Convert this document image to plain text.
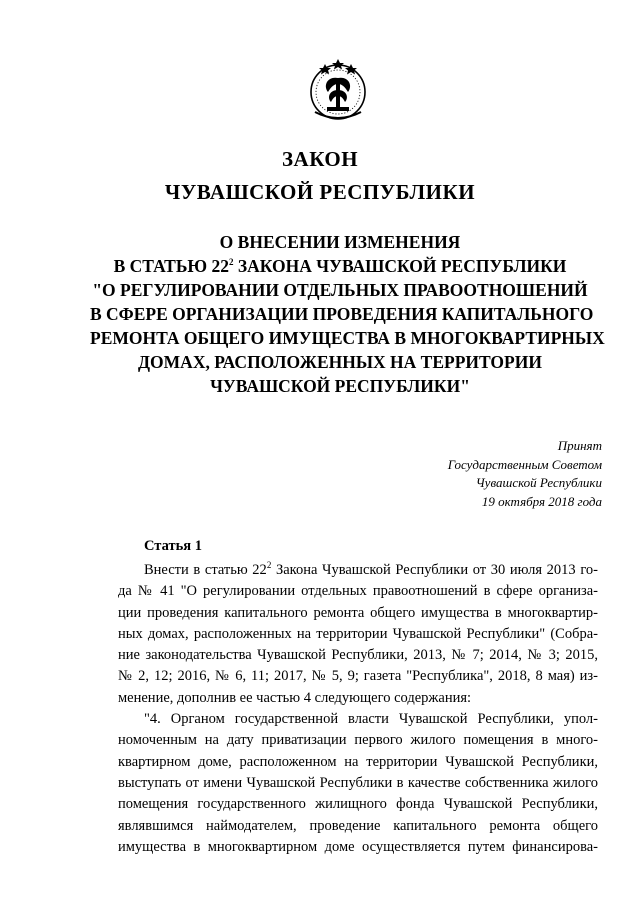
ЗАКОН
ЧУВАШСКОЙ РЕСПУБЛИКИ
О ВНЕСЕНИИ ИЗМЕНЕНИЯ
В СТАТЬЮ $22^2$ ЗАКОНА ЧУВАШСКОЙ РЕСПУБЛИКИ
"О РЕГУЛИРОВАНИИ ОТДЕЛЬНЫХ ПРАВООТНОШЕНИЙ
В СФЕРЕ ОРГАНИЗАЦИИ ПРОВЕДЕНИЯ КАПИТАЛЬНОГО
РЕМОНТА ОБЩЕГО ИМУЩЕСТВА В МНОГОКВАРТИРНЫХ
ДОМАХ, РАСПОЛОЖЕННЫХ НА ТЕРРИТОРИИ
ЧУВАШСКОЙ РЕСПУБЛИКИ"
Принят
Государственным Советом
Чувашской Республики
19 октября 2018 года
Статья 1
Внести в статью $22^2$ Закона Чувашской Республики от 30 июля 2013 го-
да № 41 "О регулировании отдельных правоотношений в сфере организа-
ции проведения капитального ремонта общего имущества в многоквартир-
ных домах, расположенных на территории Чувашской Республики" (Собра-
ние законодательства Чувашской Республики, 2013, № 7; 2014, № 3; 2015,
№ 2, 12; 2016, № 6, 11; 2017, № 5, 9; газета "Республика", 2018, 8 мая) из-
менение, дополнив ее частью 4 следующего содержания:
"4. Органом государственной власти Чувашской Республики, упол-
номоченным на дату приватизации первого жилого помещения в много-
квартирном доме, расположенном на территории Чувашской Республики,
выступать от имени Чувашской Республики в качестве собственника жилого
помещения государственного жилищного фонда Чувашской Республики,
являвшимся наймодателем, проведение капитального ремонта общего
имущества в многоквартирном доме осуществляется путем финансирова-
